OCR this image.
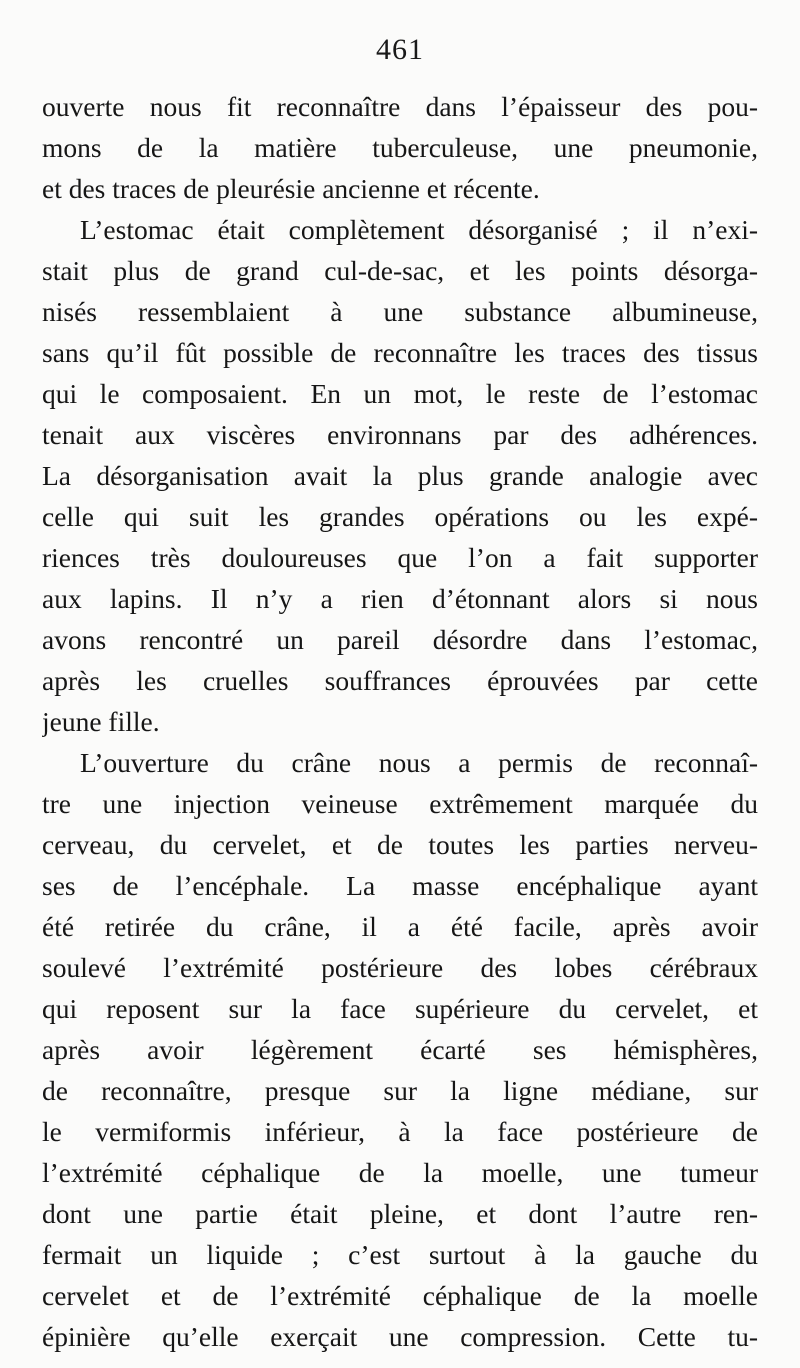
461
ouverte nous fit reconnaître dans l’épaisseur des pou-
mons de la matière tuberculeuse, une pneumonie,
et des traces de pleurésie ancienne et récente.
L’estomac était complètement désorganisé ; il n’exi-
stait plus de grand cul-de-sac, et les points désorga-
nisés ressemblaient à une substance albumineuse,
sans qu’il fût possible de reconnaître les traces des tissus
qui le composaient. En un mot, le reste de l’estomac
tenait aux viscères environnans par des adhérences.
La désorganisation avait la plus grande analogie avec
celle qui suit les grandes opérations ou les expé-
riences très douloureuses que l’on a fait supporter
aux lapins. Il n’y a rien d’étonnant alors si nous
avons rencontré un pareil désordre dans l’estomac,
après les cruelles souffrances éprouvées par cette
jeune fille.
L’ouverture du crâne nous a permis de reconnaî-
tre une injection veineuse extrêmement marquée du
cerveau, du cervelet, et de toutes les parties nerveu-
ses de l’encéphale. La masse encéphalique ayant
été retirée du crâne, il a été facile, après avoir
soulevé l’extrémité postérieure des lobes cérébraux
qui reposent sur la face supérieure du cervelet, et
après avoir légèrement écarté ses hémisphères,
de reconnaître, presque sur la ligne médiane, sur
le vermiformis inférieur, à la face postérieure de
l’extrémité céphalique de la moelle, une tumeur
dont une partie était pleine, et dont l’autre ren-
fermait un liquide ; c’est surtout à la gauche du
cervelet et de l’extrémité céphalique de la moelle
épinière qu’elle exerçait une compression. Cette tu-
